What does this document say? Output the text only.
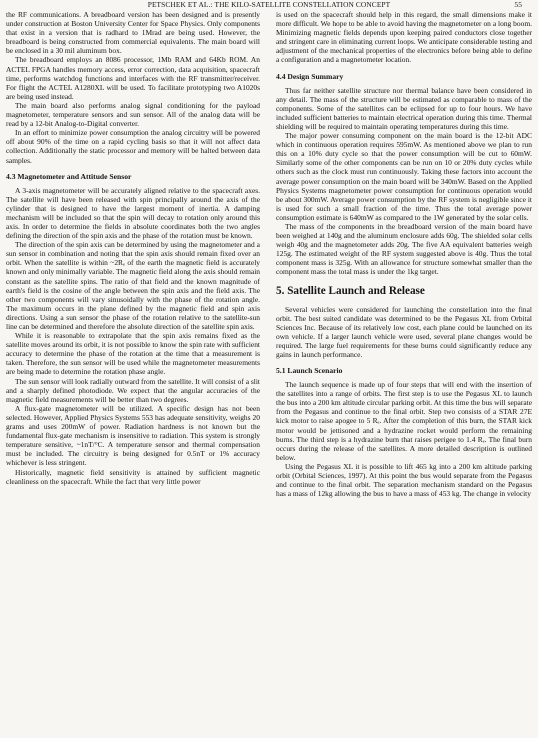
PETSCHEK ET AL.: THE KILO-SATELLITE CONSTELLATION CONCEPT	55

the RF communications. A breadboard version has been designed and is presently under construction at Boston University Center for Space Physics. Only components that exist in a version that is radhard to 1Mrad are being used. However, the breadboard is being constructed from commercial equivalents. The main board will be enclosed in a 30 mil aluminum box.

The breadboard employs an 8086 processor, 1Mb RAM and 64Kb ROM. An ACTEL FPGA handles memory access, error correction, data acquisition, spacecraft time, performs watchdog functions and interfaces with the RF transmitter/receiver. For flight the ACTEL A1280XL will be used. To facilitate prototyping two A1020s are being used instead.

The main board also performs analog signal conditioning for the payload magnetometer, temperature sensors and sun sensor. All of the analog data will be read by a 12-bit Analog-to-Digital converter.

In an effort to minimize power consumption the analog circuitry will be powered off about 90% of the time on a rapid cycling basis so that it will not affect data collection. Additionally the static processor and memory will be halted between data samples.

4.3 Magnetometer and Attitude Sensor

A 3-axis magnetometer will be accurately aligned relative to the spacecraft axes. The satellite will have been released with spin principally around the axis of the cylinder that is designed to have the largest moment of inertia. A damping mechanism will be included so that the spin will decay to rotation only around this axis. In order to determine the fields in absolute coordinates both the two angles defining the direction of the spin axis and the phase of the rotation must be known.

The direction of the spin axis can be determined by using the magnetometer and a sun sensor in combination and noting that the spin axis should remain fixed over an orbit. When the satellite is within ~2Rₑ of the earth the magnetic field is accurately known and only minimally variable. The magnetic field along the axis should remain constant as the satellite spins. The ratio of that field and the known magnitude of earth's field is the cosine of the angle between the spin axis and the field axis. The other two components will vary sinusoidally with the phase of the rotation angle. The maximum occurs in the plane defined by the magnetic field and spin axis directions. Using a sun sensor the phase of the rotation relative to the satellite-sun line can be determined and therefore the absolute direction of the satellite spin axis.

While it is reasonable to extrapolate that the spin axis remains fixed as the satellite moves around its orbit, it is not possible to know the spin rate with sufficient accuracy to determine the phase of the rotation at the time that a measurement is taken. Therefore, the sun sensor will be used while the magnetometer measurements are being made to determine the rotation phase angle.

The sun sensor will look radially outward from the satellite. It will consist of a slit and a sharply defined photodiode. We expect that the angular accuracies of the magnetic field measurements will be better than two degrees.

A flux-gate magnetometer will be utilized. A specific design has not been selected. However, Applied Physics Systems 553 has adequate sensitivity, weighs 20 grams and uses 200mW of power. Radiation hardness is not known but the fundamental flux-gate mechanism is insensitive to radiation. This system is strongly temperature sensitive, ~1nT/°C. A temperature sensor and thermal compensation must be included. The circuitry is being designed for 0.5nT or 1% accuracy whichever is less stringent.

Historically, magnetic field sensitivity is attained by sufficient magnetic cleanliness on the spacecraft. While the fact that very little power

is used on the spacecraft should help in this regard, the small dimensions make it more difficult. We hope to be able to avoid having the magnetometer on a long boom. Minimizing magnetic fields depends upon keeping paired conductors close together and stringent care in eliminating current loops. We anticipate considerable testing and adjustment of the mechanical properties of the electronics before being able to define a configuration and a magnetometer location.

4.4 Design Summary

Thus far neither satellite structure nor thermal balance have been considered in any detail. The mass of the structure will be estimated as comparable to mass of the components. Some of the satellites can be eclipsed for up to four hours. We have included sufficient batteries to maintain electrical operation during this time. Thermal shielding will be required to maintain operating temperatures during this time.

The major power consuming component on the main board is the 12-bit ADC which in continuous operation requires 595mW. As mentioned above we plan to run this on a 10% duty cycle so that the power consumption will be cut to 60mW. Similarly some of the other components can be run on 10 or 20% duty cycles while others such as the clock must run continuously. Taking these factors into account the average power consumption on the main board will be 340mW. Based on the Applied Physics Systems magnetometer power consumption for continuous operation would be about 300mW. Average power consumption by the RF system is negligible since it is used for such a small fraction of the time. Thus the total average power consumption estimate is 640mW as compared to the 1W generated by the solar cells.

The mass of the components in the breadboard version of the main board have been weighed at 140g and the aluminum enclosure adds 60g. The shielded solar cells weigh 40g and the magnetometer adds 20g. The five AA equivalent batteries weigh 125g. The estimated weight of the RF system suggested above is 40g. Thus the total component mass is 325g. With an allowance for structure somewhat smaller than the component mass the total mass is under the 1kg target.

5. Satellite Launch and Release

Several vehicles were considered for launching the constellation into the final orbit. The best suited candidate was determined to be the Pegasus XL from Orbital Sciences Inc. Because of its relatively low cost, each plane could be launched on its own vehicle. If a larger launch vehicle were used, several plane changes would be required. The large fuel requirements for these burns could significantly reduce any gains in launch performance.

5.1 Launch Scenario

The launch sequence is made up of four steps that will end with the insertion of the satellites into a range of orbits. The first step is to use the Pegasus XL to launch the bus into a 200 km altitude circular parking orbit. At this time the bus will separate from the Pegasus and continue to the final orbit. Step two consists of a STAR 27E kick motor to raise apogee to 5 Rₑ. After the completion of this burn, the STAR kick motor would be jettisoned and a hydrazine rocket would perform the remaining burns. The third step is a hydrazine burn that raises perigee to 1.4 Rₑ. The final burn occurs during the release of the satellites. A more detailed description is outlined below.

Using the Pegasus XL it is possible to lift 465 kg into a 200 km altitude parking orbit (Orbital Sciences, 1997). At this point the bus would separate from the Pegasus and continue to the final orbit. The separation mechanism standard on the Pegasus has a mass of 12kg allowing the bus to have a mass of 453 kg. The change in velocity
